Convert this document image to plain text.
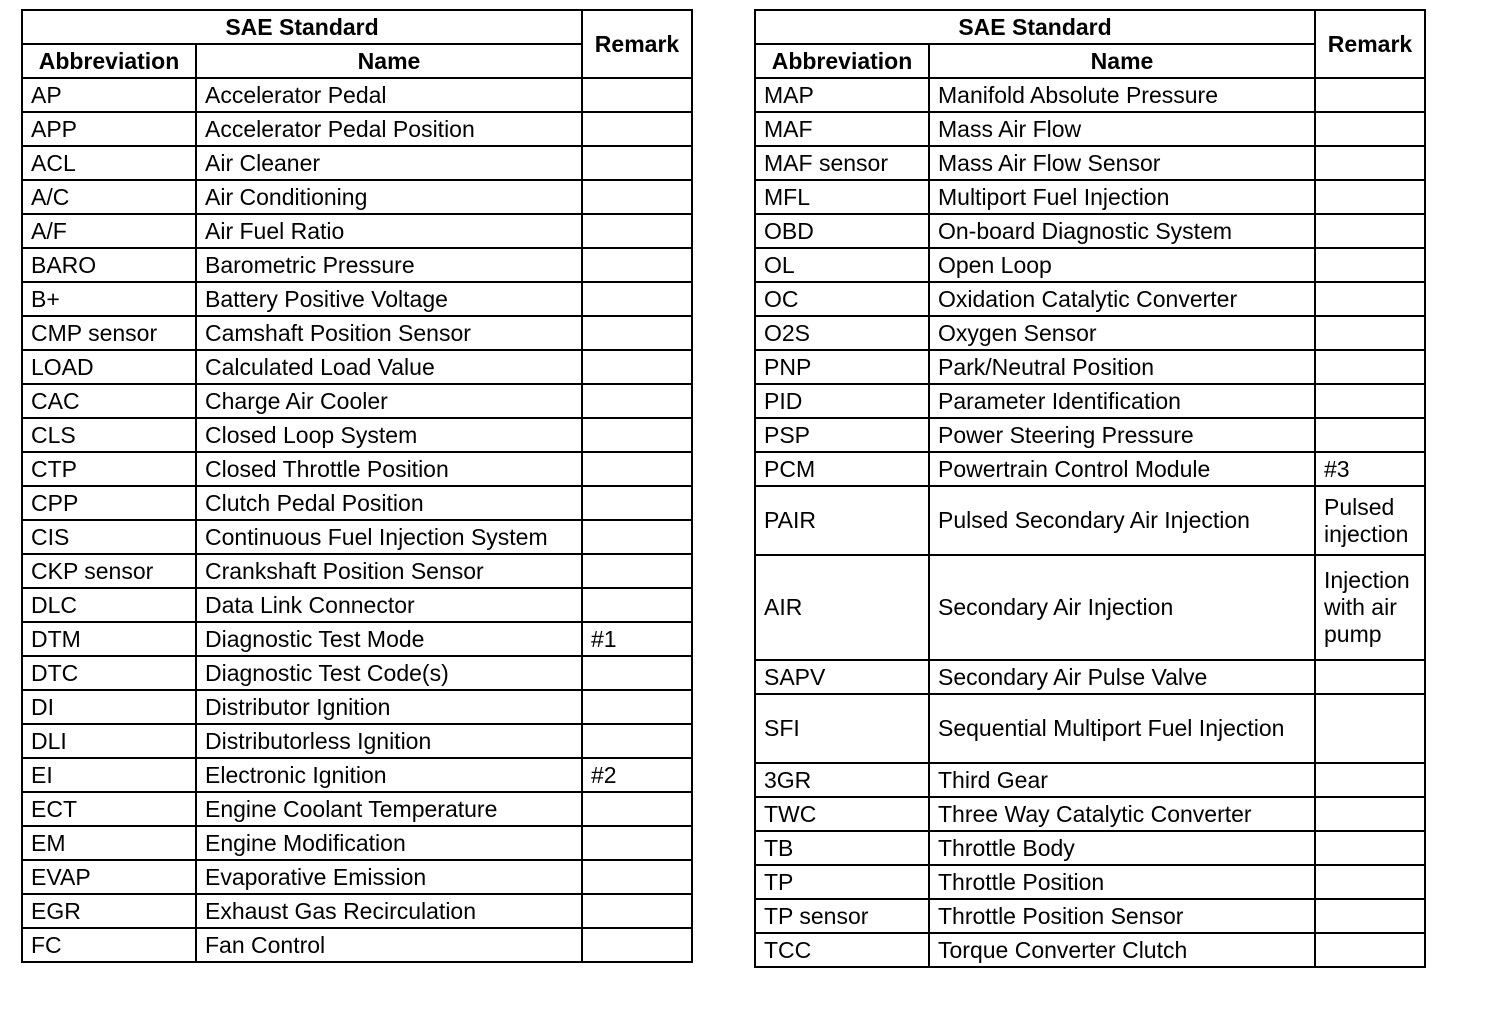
SAE Standard		Remark
Abbreviation	Name	
AP	Accelerator Pedal	
APP	Accelerator Pedal Position	
ACL	Air Cleaner	
A/C	Air Conditioning	
A/F	Air Fuel Ratio	
BARO	Barometric Pressure	
B+	Battery Positive Voltage	
CMP sensor	Camshaft Position Sensor	
LOAD	Calculated Load Value	
CAC	Charge Air Cooler	
CLS	Closed Loop System	
CTP	Closed Throttle Position	
CPP	Clutch Pedal Position	
CIS	Continuous Fuel Injection System	
CKP sensor	Crankshaft Position Sensor	
DLC	Data Link Connector	
DTM	Diagnostic Test Mode	#1
DTC	Diagnostic Test Code(s)	
DI	Distributor Ignition	
DLI	Distributorless Ignition	
EI	Electronic Ignition	#2
ECT	Engine Coolant Temperature	
EM	Engine Modification	
EVAP	Evaporative Emission	
EGR	Exhaust Gas Recirculation	
FC	Fan Control	
SAE Standard		Remark
Abbreviation	Name	
MAP	Manifold Absolute Pressure	
MAF	Mass Air Flow	
MAF sensor	Mass Air Flow Sensor	
MFL	Multiport Fuel Injection	
OBD	On-board Diagnostic System	
OL	Open Loop	
OC	Oxidation Catalytic Converter	
O2S	Oxygen Sensor	
PNP	Park/Neutral Position	
PID	Parameter Identification	
PSP	Power Steering Pressure	
PCM	Powertrain Control Module	#3
PAIR	Pulsed Secondary Air Injection	Pulsed injection
AIR	Secondary Air Injection	Injection with air pump
SAPV	Secondary Air Pulse Valve	
SFI	Sequential Multiport Fuel Injection	
3GR	Third Gear	
TWC	Three Way Catalytic Converter	
TB	Throttle Body	
TP	Throttle Position	
TP sensor	Throttle Position Sensor	
TCC	Torque Converter Clutch	
